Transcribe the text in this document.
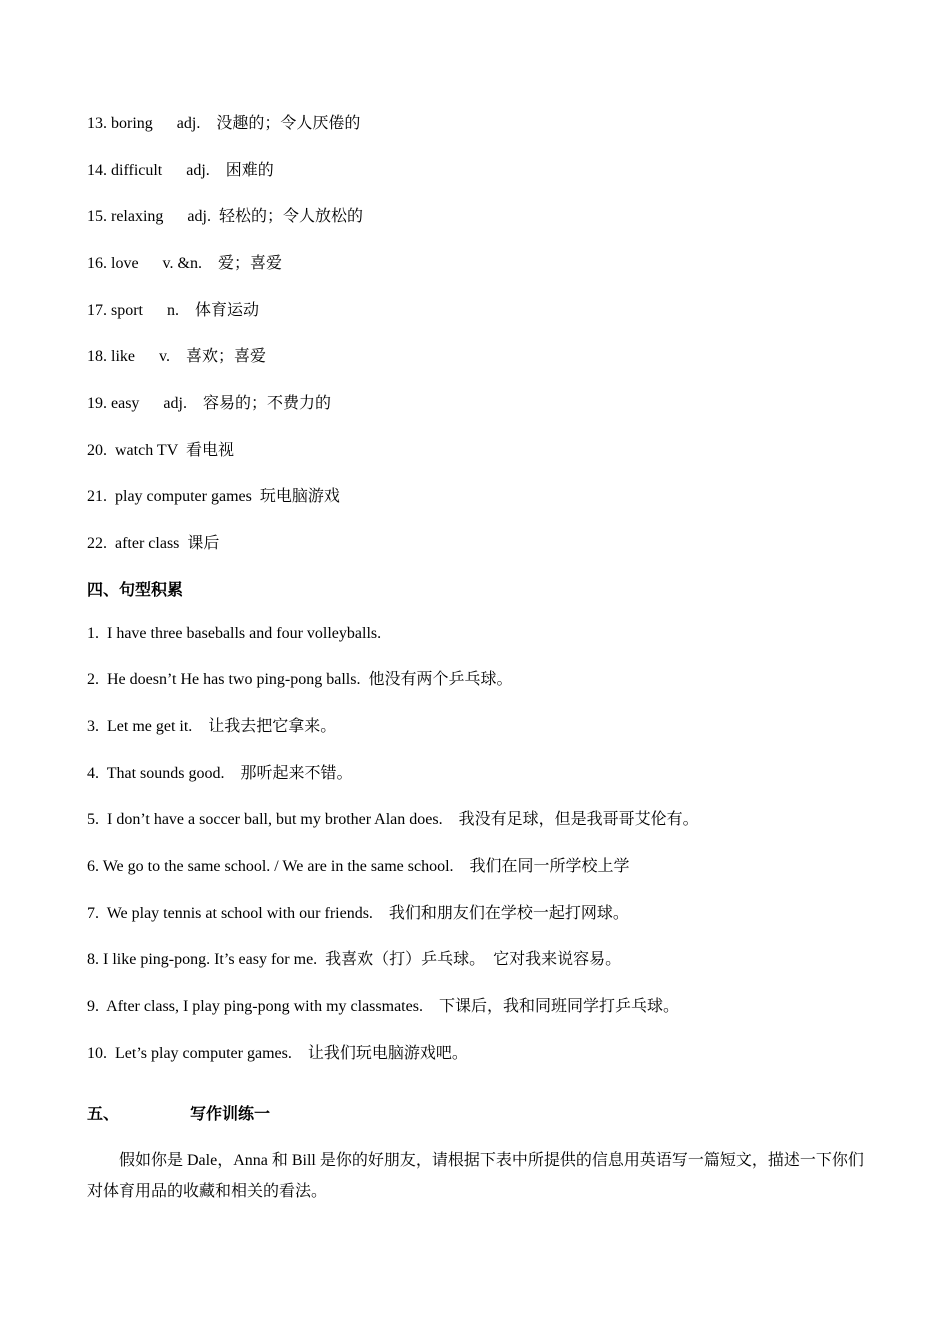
13. boring      adj.    没趣的；令人厌倦的
14. difficult      adj.    困难的
15. relaxing      adj.  轻松的；令人放松的
16. love      v. &n.    爱；喜爱
17. sport      n.    体育运动
18. like      v.    喜欢；喜爱
19. easy      adj.    容易的；不费力的
20.  watch TV  看电视
21.  play computer games  玩电脑游戏
22.  after class  课后
四、句型积累
1.  I have three baseballs and four volleyballs.
2.  He doesn’t He has two ping-pong balls.  他没有两个乒乓球。
3.  Let me get it.    让我去把它拿来。
4.  That sounds good.    那听起来不错。
5.  I don’t have a soccer ball, but my brother Alan does.    我没有足球，但是我哥哥艾伦有。
6. We go to the same school. / We are in the same school.    我们在同一所学校上学
7.  We play tennis at school with our friends.    我们和朋友们在学校一起打网球。
8. I like ping-pong. It’s easy for me.  我喜欢（打）乒乓球。  它对我来说容易。
9.  After class, I play ping-pong with my classmates.    下课后，我和同班同学打乒乓球。
10.  Let’s play computer games.    让我们玩电脑游戏吧。
五、	写作训练一
假如你是 Dale，Anna 和 Bill 是你的好朋友，请根据下表中所提供的信息用英语写一篇短文，描述一下你们对体育用品的收藏和相关的看法。
